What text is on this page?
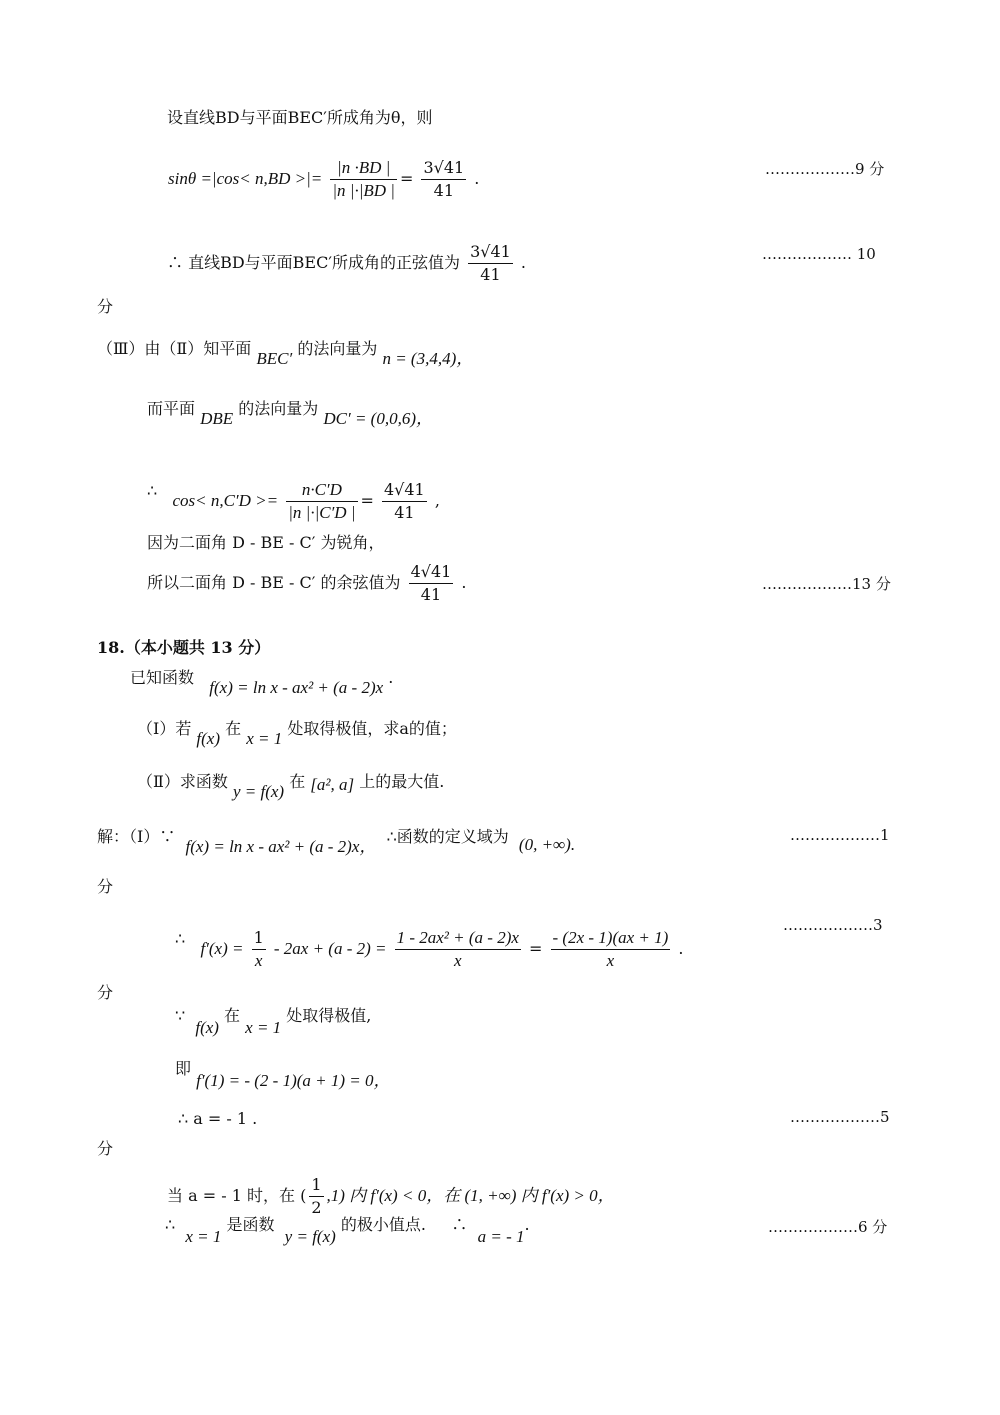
设直线BD与平面BEC′所成角为θ，则
sinθ =|cos< n,BD >|= $\frac{|n \cdot BD |}{|n |\cdot|BD |} = \frac{3√41}{41}$ .	………………9 分
∴ 直线BD与平面BEC′所成角的正弦值为 $\frac{3√41}{41}$ .	……………… 10
分
（Ⅲ）由（Ⅱ）知平面 BEC′ 的法向量为 n = (3,4,4)，
而平面 DBE 的法向量为 DC′ = (0,0,6)，
∴   $\cos< n,C'D >= \frac{n\cdot C'D}{|n |\cdot|C'D |} = \frac{4√41}{41}$ ,
因为二面角 D - BE - C′ 为锐角，
所以二面角 D - BE - C′ 的余弦值为 $\frac{4√41}{41}$ .	………………13 分
18.（本小题共 13 分）
已知函数   f(x) = ln x - ax² + (a - 2)x .
（Ⅰ）若 f(x) 在 x = 1 处取得极值，求a的值；
（Ⅱ）求函数 y = f(x) 在 [a², a] 上的最大值.
解：（Ⅰ）∵  f(x) = ln x - ax² + (a - 2)x，  ∴函数的定义域为 (0, +∞).	………………1
分
∴   $f'(x) = \frac{1}{x} - 2ax + (a - 2) = \frac{\text{1 - 2ax² + (a - 2)x}}{x} = \frac{- (2x - 1)(ax + 1)}{x}$ .
………………3
分
∵  f(x) 在 x = 1 处取得极值,
即 f′(1) = - (2 - 1)(a + 1) = 0，
∴ a = - 1 .	………………5
分
当 a = - 1 时，在 ( $\frac{1}{2} ,1$) 内 f′(x) < 0，在 (1, +∞) 内 f′(x) > 0，
∴  x = 1 是函数  y = f(x) 的极小值点. ∴  a = - 1.	………………6 分
